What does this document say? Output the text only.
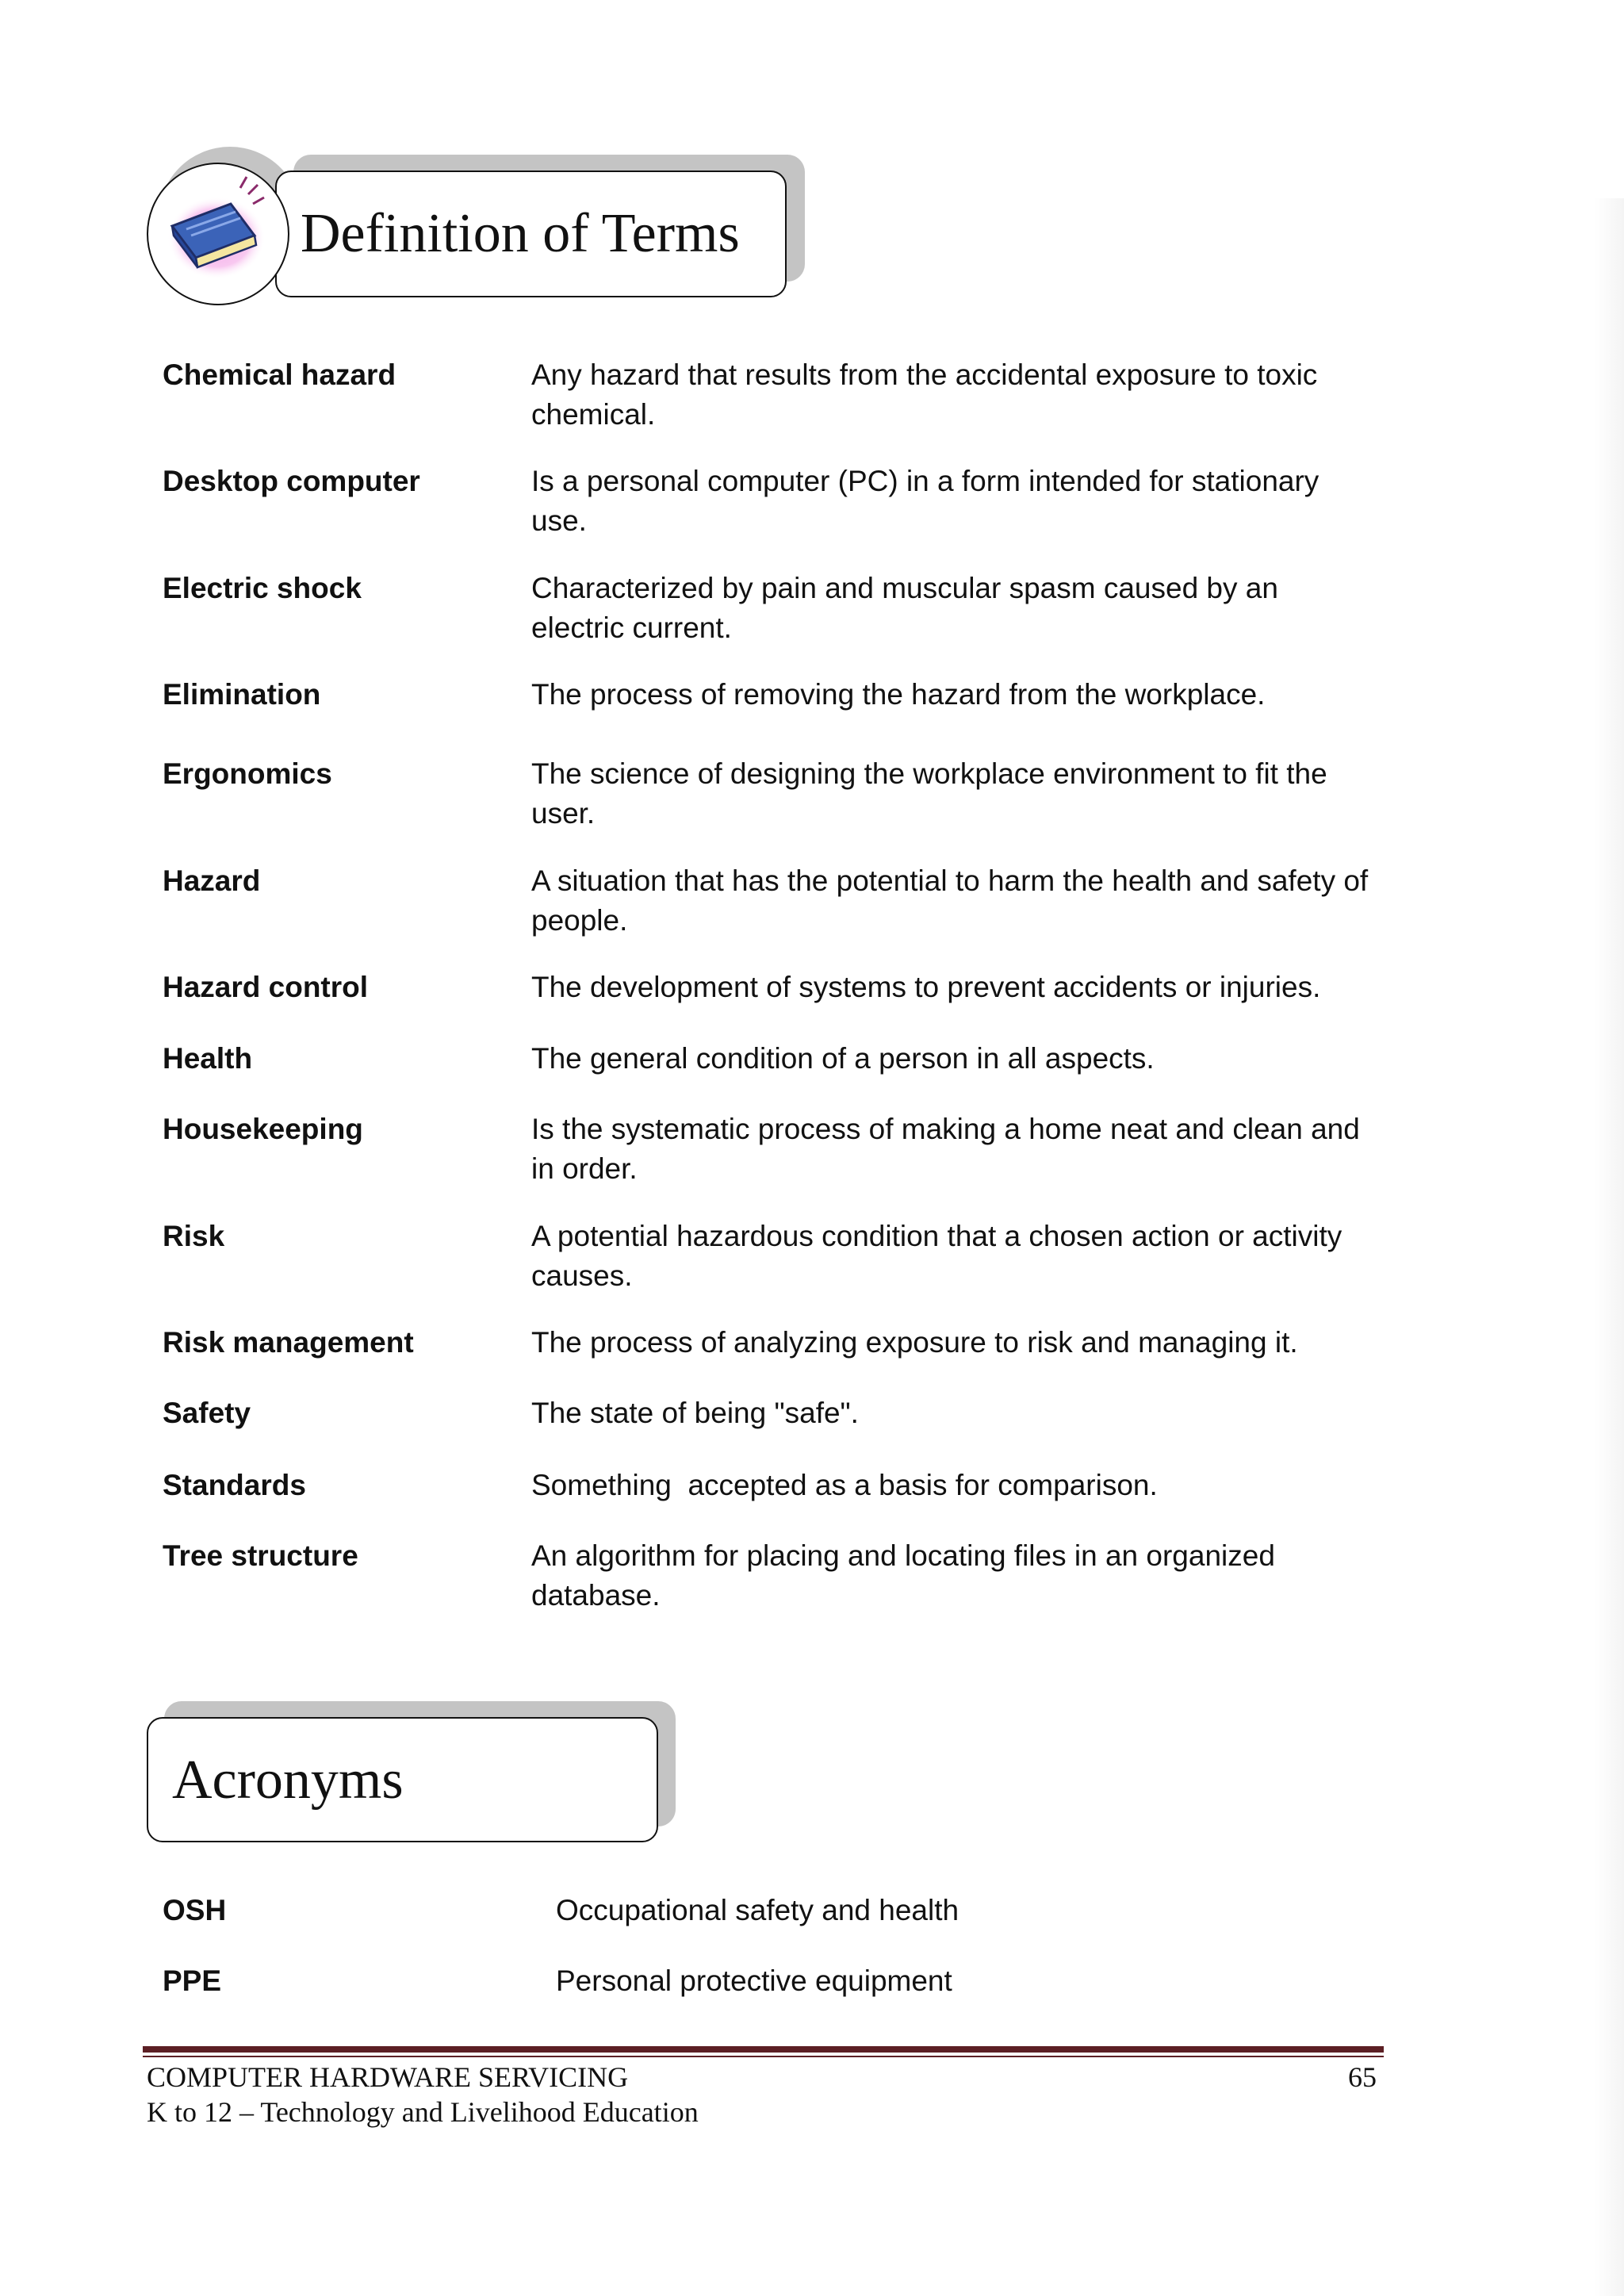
Definition of Terms
Chemical hazard	Any hazard that results from the accidental exposure to toxic chemical.
Desktop computer	Is a personal computer (PC) in a form intended for stationary use.
Electric shock	Characterized by pain and muscular spasm caused by an electric current.
Elimination	The process of removing the hazard from the workplace.
Ergonomics	The science of designing the workplace environment to fit the user.
Hazard	A situation that has the potential to harm the health and safety of people.
Hazard control	The development of systems to prevent accidents or injuries.
Health	The general condition of a person in all aspects.
Housekeeping	Is the systematic process of making a home neat and clean and in order.
Risk	A potential hazardous condition that a chosen action or activity causes.
Risk management	The process of analyzing exposure to risk and managing it.
Safety	The state of being "safe".
Standards	Something  accepted as a basis for comparison.
Tree structure	An algorithm for placing and locating files in an organized database.
Acronyms
OSH	Occupational safety and health
PPE	Personal protective equipment
COMPUTER HARDWARE SERVICING
K to 12 – Technology and Livelihood Education
65
